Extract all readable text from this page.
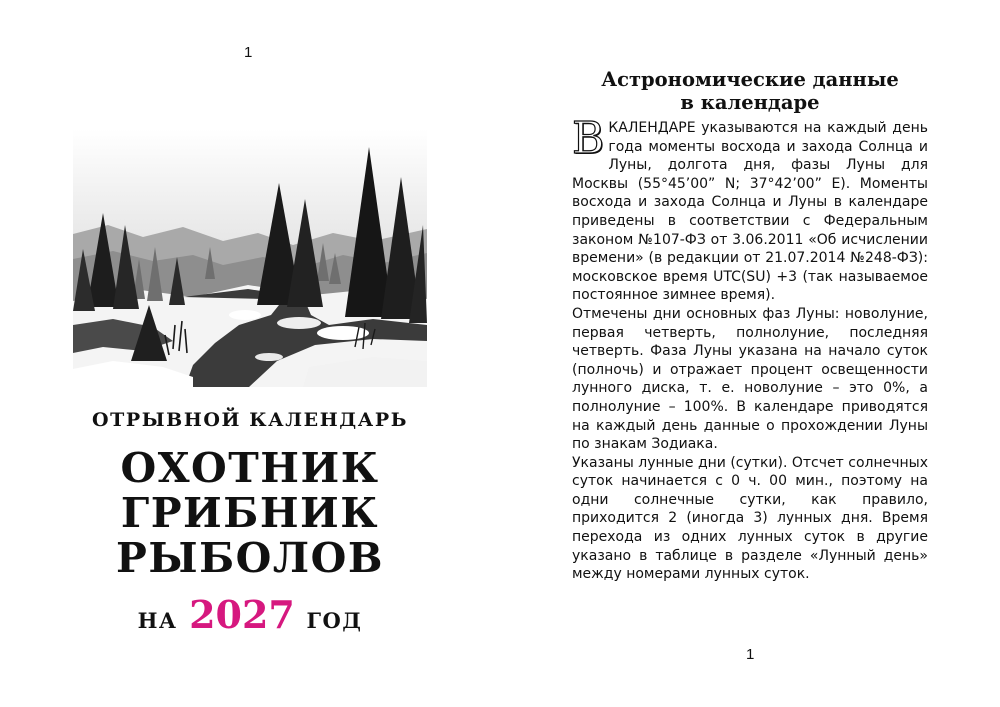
1
ОТРЫВНОЙ КАЛЕНДАРЬ
ОХОТНИК
ГРИБНИК
РЫБОЛОВ
НА 2027 ГОД
Астрономические данные
в календаре

В КАЛЕНДАРЕ указываются на каждый день года моменты восхода и захода Солнца и Луны, долгота дня, фазы Луны для Москвы (55°45’00” N; 37°42’00” E). Моменты восхода и захода Солнца и Луны в календаре приведены в соответствии с Федеральным законом №107-ФЗ от 3.06.2011 «Об исчислении времени» (в редакции от 21.07.2014 №248-ФЗ): московское время UTC(SU) +3 (так называемое постоянное зимнее время).

Отмечены дни основных фаз Луны: новолуние, первая четверть, полнолуние, последняя четверть. Фаза Луны указана на начало суток (полночь) и отражает процент освещенности лунного диска, т. е. новолуние – это 0%, а полнолуние – 100%. В календаре приводятся на каждый день данные о прохождении Луны по знакам Зодиака.

Указаны лунные дни (сутки). Отсчет солнечных суток начинается с 0 ч. 00 мин., поэтому на одни солнечные сутки, как правило, приходится 2 (иногда 3) лунных дня. Время перехода из одних лунных суток в другие указано в таблице в разделе «Лунный день» между номерами лунных суток.

1
